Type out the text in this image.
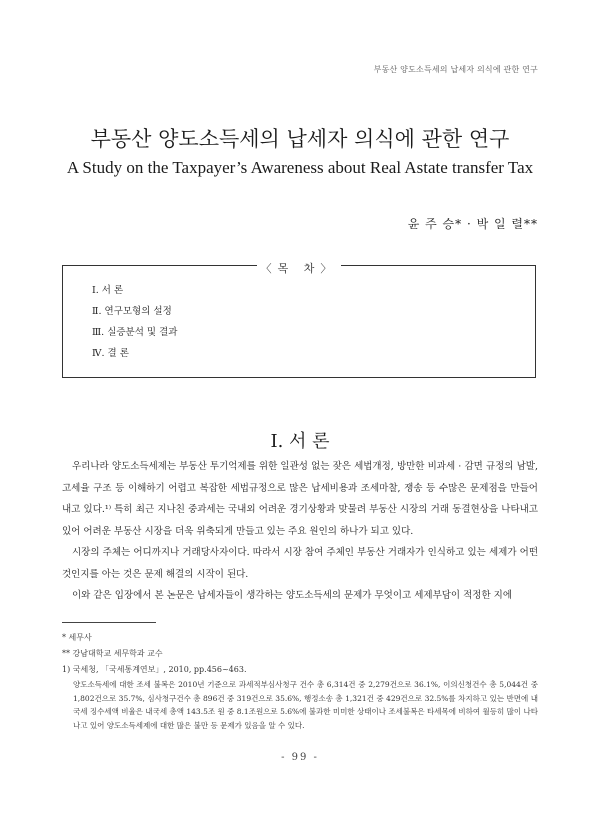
부동산 양도소득세의 납세자 의식에 관한 연구
부동산 양도소득세의 납세자 의식에 관한 연구
A Study on the Taxpayer’s Awareness about Real Astate transfer Tax
윤 주 승* · 박 일 렬**
〈목 차〉
Ⅰ. 서 론
Ⅱ. 연구모형의 설정
Ⅲ. 실증분석 및 결과
Ⅳ. 결 론
Ⅰ. 서 론

우리나라 양도소득세제는 부동산 투기억제를 위한 일관성 없는 잦은 세법개정, 방만한 비과세 · 감면 규정의 남발, 고세율 구조 등 이해하기 어렵고 복잡한 세법규정으로 많은 납세비용과 조세마찰, 쟁송 등 수많은 문제점을 만들어 내고 있다.¹⁾ 특히 최근 지나친 중과세는 국내외 어려운 경기상황과 맞물려 부동산 시장의 거래 동결현상을 나타내고 있어 어려운 부동산 시장을 더욱 위축되게 만들고 있는 주요 원인의 하나가 되고 있다.

시장의 주체는 어디까지나 거래당사자이다. 따라서 시장 참여 주체인 부동산 거래자가 인식하고 있는 세제가 어떤 것인지를 아는 것은 문제 해결의 시작이 된다.

이와 같은 입장에서 본 논문은 납세자들이 생각하는 양도소득세의 문제가 무엇이고 세제부담이 적정한 지에

* 세무사

** 강남대학교 세무학과 교수

1) 국세청, 「국세통계연보」, 2010, pp.456~463.

양도소득세에 대한 조세 불복은 2010년 기준으로 과세적부심사청구 건수 총 6,314건 중 2,279건으로 36.1%, 이의신청건수 총 5,044건 중 1,802건으로 35.7%, 심사청구건수 총 896건 중 319건으로 35.6%, 행정소송 총 1,321건 중 429건으로 32.5%를 차지하고 있는 반면에 내국세 징수세액 비율은 내국세 총액 143.5조 원 중 8.1조원으로 5.6%에 불과한 미미한 상태이나 조세불복은 타세목에 비하여 월등히 많이 나타나고 있어 양도소득세제에 대한 많은 불만 등 문제가 있음을 알 수 있다.

- 99 -
